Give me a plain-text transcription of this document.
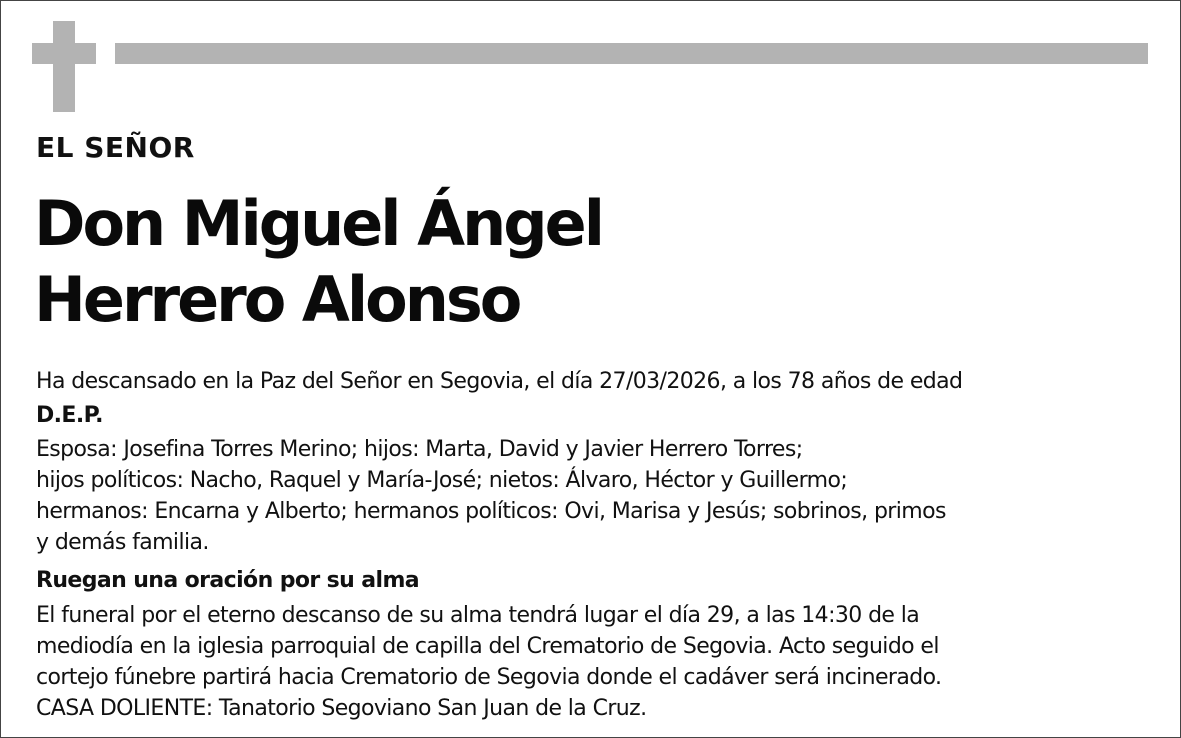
EL SEÑOR
Don Miguel Ángel
Herrero Alonso
Ha descansado en la Paz del Señor en Segovia, el día 27/03/2026, a los 78 años de edad
D.E.P.
Esposa: Josefina Torres Merino; hijos: Marta, David y Javier Herrero Torres;
hijos políticos: Nacho, Raquel y María-José; nietos: Álvaro, Héctor y Guillermo;
hermanos: Encarna y Alberto; hermanos políticos: Ovi, Marisa y Jesús; sobrinos, primos
y demás familia.
Ruegan una oración por su alma
El funeral por el eterno descanso de su alma tendrá lugar el día 29, a las 14:30 de la
mediodía en la iglesia parroquial de capilla del Crematorio de Segovia. Acto seguido el
cortejo fúnebre partirá hacia Crematorio de Segovia donde el cadáver será incinerado.
CASA DOLIENTE: Tanatorio Segoviano San Juan de la Cruz.
